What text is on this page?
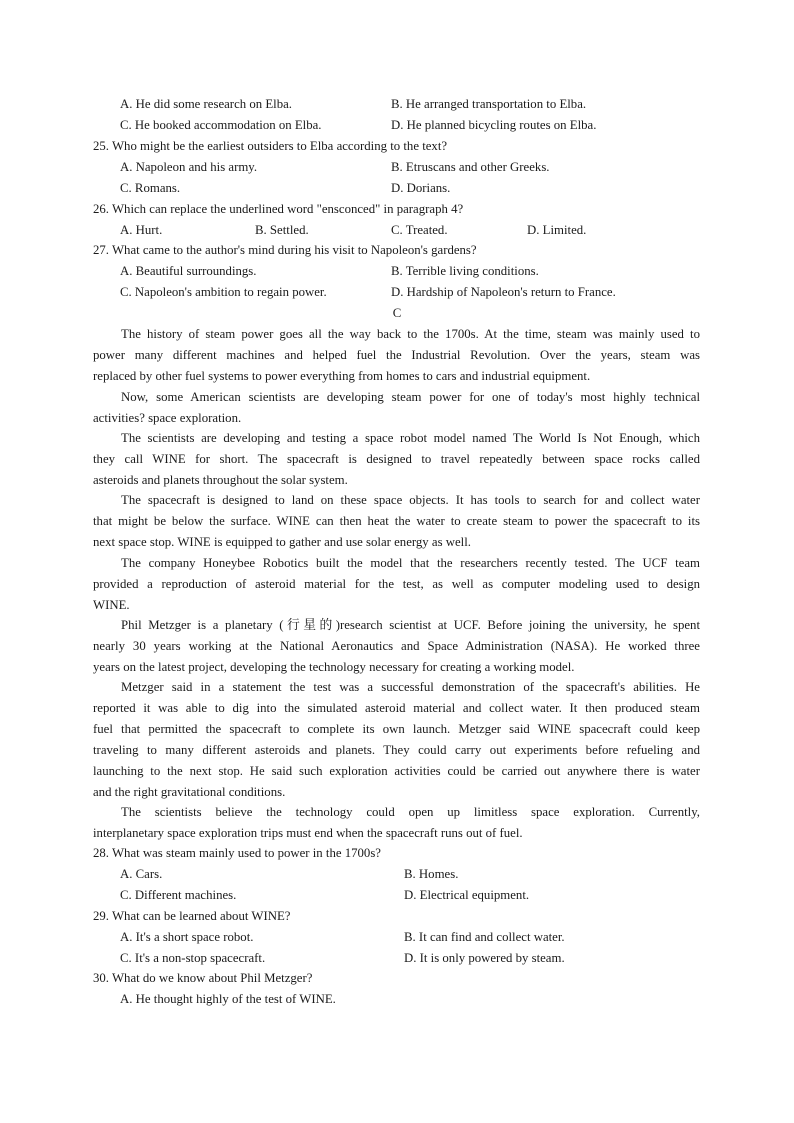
A. He did some research on Elba.	B. He arranged transportation to Elba.
C. He booked accommodation on Elba.	D. He planned bicycling routes on Elba.
25. Who might be the earliest outsiders to Elba according to the text?
A. Napoleon and his army.	B. Etruscans and other Greeks.
C. Romans.	D. Dorians.
26. Which can replace the underlined word "ensconced" in paragraph 4?
A. Hurt.	B. Settled.	C. Treated.	D. Limited.
27. What came to the author's mind during his visit to Napoleon's gardens?
A. Beautiful surroundings.	B. Terrible living conditions.
C. Napoleon's ambition to regain power.	D. Hardship of Napoleon's return to France.
C
The history of steam power goes all the way back to the 1700s. At the time, steam was mainly used to
power many different machines and helped fuel the Industrial Revolution. Over the years, steam was
replaced by other fuel systems to power everything from homes to cars and industrial equipment.
Now, some American scientists are developing steam power for one of today's most highly technical
activities? space exploration.
The scientists are developing and testing a space robot model named The World Is Not Enough, which
they call WINE for short. The spacecraft is designed to travel repeatedly between space rocks called
asteroids and planets throughout the solar system.
The spacecraft is designed to land on these space objects. It has tools to search for and collect water
that might be below the surface. WINE can then heat the water to create steam to power the spacecraft to its
next space stop. WINE is equipped to gather and use solar energy as well.
The company Honeybee Robotics built the model that the researchers recently tested. The UCF team
provided a reproduction of asteroid material for the test, as well as computer modeling used to design
WINE.
Phil Metzger is a planetary (行星的)research scientist at UCF. Before joining the university, he spent
nearly 30 years working at the National Aeronautics and Space Administration (NASA). He worked three
years on the latest project, developing the technology necessary for creating a working model.
Metzger said in a statement the test was a successful demonstration of the spacecraft's abilities. He
reported it was able to dig into the simulated asteroid material and collect water. It then produced steam
fuel that permitted the spacecraft to complete its own launch. Metzger said WINE spacecraft could keep
traveling to many different asteroids and planets. They could carry out experiments before refueling and
launching to the next stop. He said such exploration activities could be carried out anywhere there is water
and the right gravitational conditions.
The scientists believe the technology could open up limitless space exploration. Currently,
interplanetary space exploration trips must end when the spacecraft runs out of fuel.
28. What was steam mainly used to power in the 1700s?
A. Cars.	B. Homes.
C. Different machines.	D. Electrical equipment.
29. What can be learned about WINE?
A. It's a short space robot.	B. It can find and collect water.
C. It's a non-stop spacecraft.	D. It is only powered by steam.
30. What do we know about Phil Metzger?
A. He thought highly of the test of WINE.
